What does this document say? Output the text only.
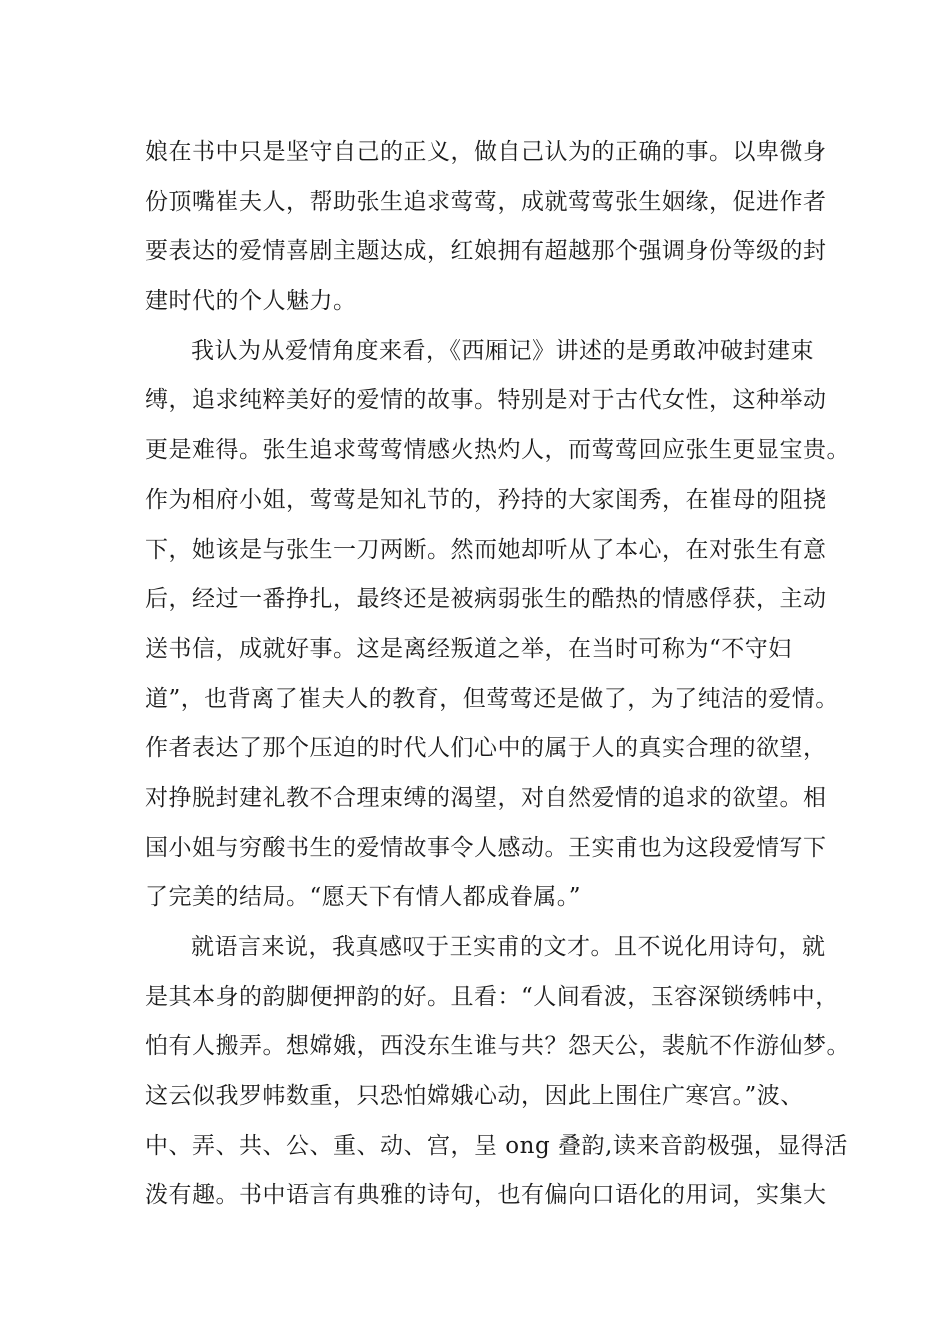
娘在书中只是坚守自己的正义，做自己认为的正确的事。以卑微身
份顶嘴崔夫人，帮助张生追求莺莺，成就莺莺张生姻缘，促进作者
要表达的爱情喜剧主题达成，红娘拥有超越那个强调身份等级的封
建时代的个人魅力。
我认为从爱情角度来看，《西厢记》讲述的是勇敢冲破封建束
缚，追求纯粹美好的爱情的故事。特别是对于古代女性，这种举动
更是难得。张生追求莺莺情感火热灼人，而莺莺回应张生更显宝贵。
作为相府小姐，莺莺是知礼节的，矜持的大家闺秀，在崔母的阻挠
下，她该是与张生一刀两断。然而她却听从了本心，在对张生有意
后，经过一番挣扎，最终还是被病弱张生的酷热的情感俘获，主动
送书信，成就好事。这是离经叛道之举，在当时可称为“不守妇
道”，也背离了崔夫人的教育，但莺莺还是做了，为了纯洁的爱情。
作者表达了那个压迫的时代人们心中的属于人的真实合理的欲望，
对挣脱封建礼教不合理束缚的渴望，对自然爱情的追求的欲望。相
国小姐与穷酸书生的爱情故事令人感动。王实甫也为这段爱情写下
了完美的结局。“愿天下有情人都成眷属。”
就语言来说，我真感叹于王实甫的文才。且不说化用诗句，就
是其本身的韵脚便押韵的好。且看：“人间看波，玉容深锁绣帏中，
怕有人搬弄。想嫦娥，西没东生谁与共？怨天公，裴航不作游仙梦。
这云似我罗帏数重，只恐怕嫦娥心动，因此上围住广寒宫。”波、
中、弄、共、公、重、动、宫，呈 ong 叠韵,读来音韵极强，显得活
泼有趣。书中语言有典雅的诗句，也有偏向口语化的用词，实集大
